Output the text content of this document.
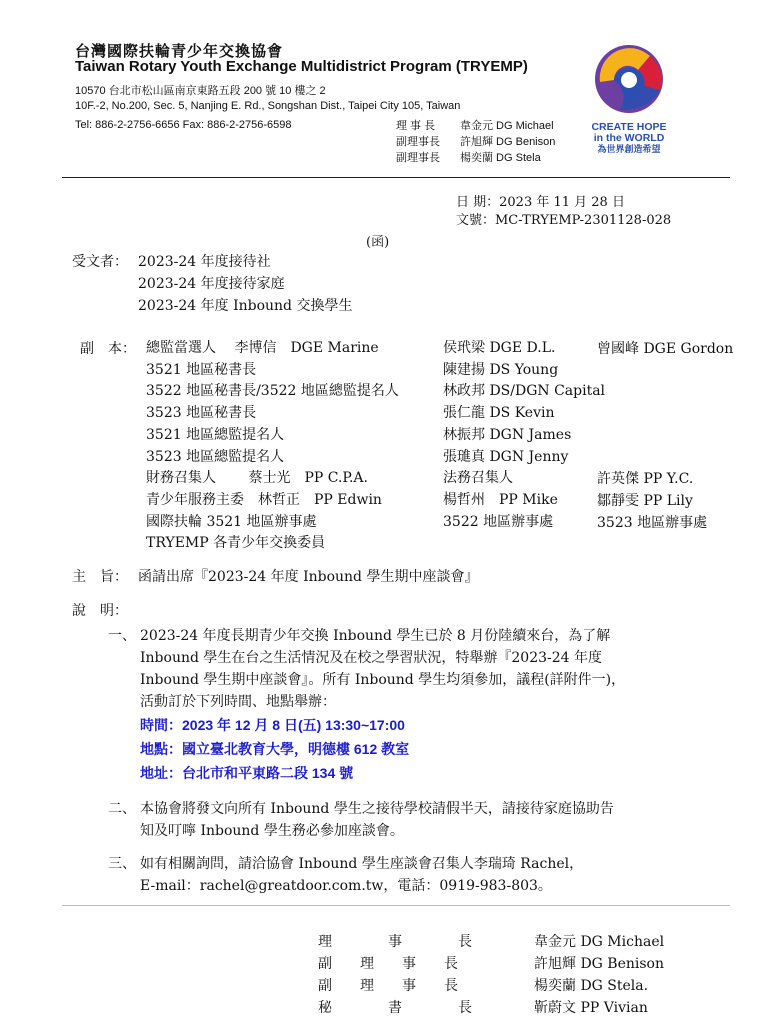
台灣國際扶輪青少年交換協會
Taiwan Rotary Youth Exchange Multidistrict Program (TRYEMP)
10570 台北市松山區南京東路五段 200 號 10 樓之 2
10F.-2, No.200, Sec. 5, Nanjing E. Rd., Songshan Dist., Taipei City 105, Taiwan
Tel: 886-2-2756-6656 Fax: 886-2-2756-6598	理 事 長 韋金元 DG Michael
副理事長 許旭輝 DG Benison
副理事長 楊奕蘭 DG Stela
CREATE HOPE
in the WORLD
為世界創造希望
日 期：2023 年 11 月 28 日
文號：MC-TRYEMP-2301128-028
(函)
受文者： 2023-24 年度接待社
2023-24 年度接待家庭
2023-24 年度 Inbound 交換學生
副　本： 總監當選人　 李博信　DGE Marine
3521 地區秘書長
3522 地區秘書長/3522 地區總監提名人
3523 地區秘書長
3521 地區總監提名人
3523 地區總監提名人
財務召集人　　 蔡士光　PP C.P.A.
青少年服務主委　林哲正　PP Edwin
國際扶輪 3521 地區辦事處
TRYEMP 各青少年交換委員
侯玳梁 DGE D.L.
陳建揚 DS Young
林政邦 DS/DGN Capital
張仁龍 DS Kevin
林振邦 DGN James
張璡真 DGN Jenny
法務召集人
楊哲州　PP Mike
3522 地區辦事處
曾國峰 DGE Gordon
許英傑 PP Y.C.
鄒靜雯 PP Lily
3523 地區辦事處
主　旨： 函請出席『2023-24 年度 Inbound 學生期中座談會』
說　明：
一、 2023-24 年度長期青少年交換 Inbound 學生已於 8 月份陸續來台，為了解
Inbound 學生在台之生活情況及在校之學習狀況，特舉辦『2023-24 年度
Inbound 學生期中座談會』。所有 Inbound 學生均須參加，議程(詳附件一)，
活動訂於下列時間、地點舉辦：
時間：2023 年 12 月 8 日(五) 13:30~17:00
地點：國立臺北教育大學，明德樓 612 教室
地址：台北市和平東路二段 134 號
二、 本協會將發文向所有 Inbound 學生之接待學校請假半天，請接待家庭協助告
知及叮嚀 Inbound 學生務必參加座談會。
三、 如有相關詢問，請洽協會 Inbound 學生座談會召集人李瑞琦 Rachel，
E-mail：rachel@greatdoor.com.tw，電話：0919-983-803。
理　　　　事　　　　長
副　　理　　事　　長
副　　理　　事　　長
秘　　　　書　　　　長
韋金元 DG Michael
許旭輝 DG Benison
楊奕蘭 DG Stela.
靳蔚文 PP Vivian
